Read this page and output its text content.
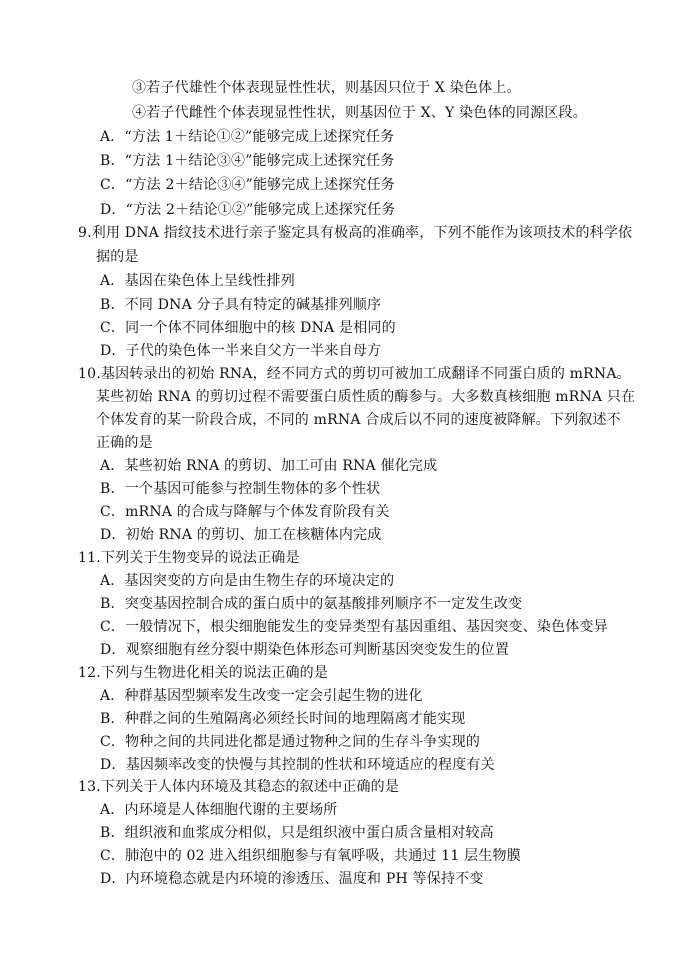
③若子代雄性个体表现显性性状，则基因只位于 X 染色体上。
④若子代雌性个体表现显性性状，则基因位于 X、Y 染色体的同源区段。
A．“方法 1＋结论①②”能够完成上述探究任务
B．“方法 1＋结论③④”能够完成上述探究任务
C．“方法 2＋结论③④”能够完成上述探究任务
D．“方法 2＋结论①②”能够完成上述探究任务
9.利用 DNA 指纹技术进行亲子鉴定具有极高的准确率，下列不能作为该项技术的科学依
据的是
A．基因在染色体上呈线性排列
B．不同 DNA 分子具有特定的碱基排列顺序
C．同一个体不同体细胞中的核 DNA 是相同的
D．子代的染色体一半来自父方一半来自母方
10.基因转录出的初始 RNA，经不同方式的剪切可被加工成翻译不同蛋白质的 mRNA。
某些初始 RNA 的剪切过程不需要蛋白质性质的酶参与。大多数真核细胞 mRNA 只在
个体发育的某一阶段合成，不同的 mRNA 合成后以不同的速度被降解。下列叙述不
正确的是
A．某些初始 RNA 的剪切、加工可由 RNA 催化完成
B．一个基因可能参与控制生物体的多个性状
C．mRNA 的合成与降解与个体发育阶段有关
D．初始 RNA 的剪切、加工在核糖体内完成
11.下列关于生物变异的说法正确是
A．基因突变的方向是由生物生存的环境决定的
B．突变基因控制合成的蛋白质中的氨基酸排列顺序不一定发生改变
C．一般情况下，根尖细胞能发生的变异类型有基因重组、基因突变、染色体变异
D．观察细胞有丝分裂中期染色体形态可判断基因突变发生的位置
12.下列与生物进化相关的说法正确的是
A．种群基因型频率发生改变一定会引起生物的进化
B．种群之间的生殖隔离必须经长时间的地理隔离才能实现
C．物种之间的共同进化都是通过物种之间的生存斗争实现的
D．基因频率改变的快慢与其控制的性状和环境适应的程度有关
13.下列关于人体内环境及其稳态的叙述中正确的是
A．内环境是人体细胞代谢的主要场所
B．组织液和血浆成分相似，只是组织液中蛋白质含量相对较高
C．肺泡中的 02 进入组织细胞参与有氧呼吸，共通过 11 层生物膜
D．内环境稳态就是内环境的渗透压、温度和 PH 等保持不变
